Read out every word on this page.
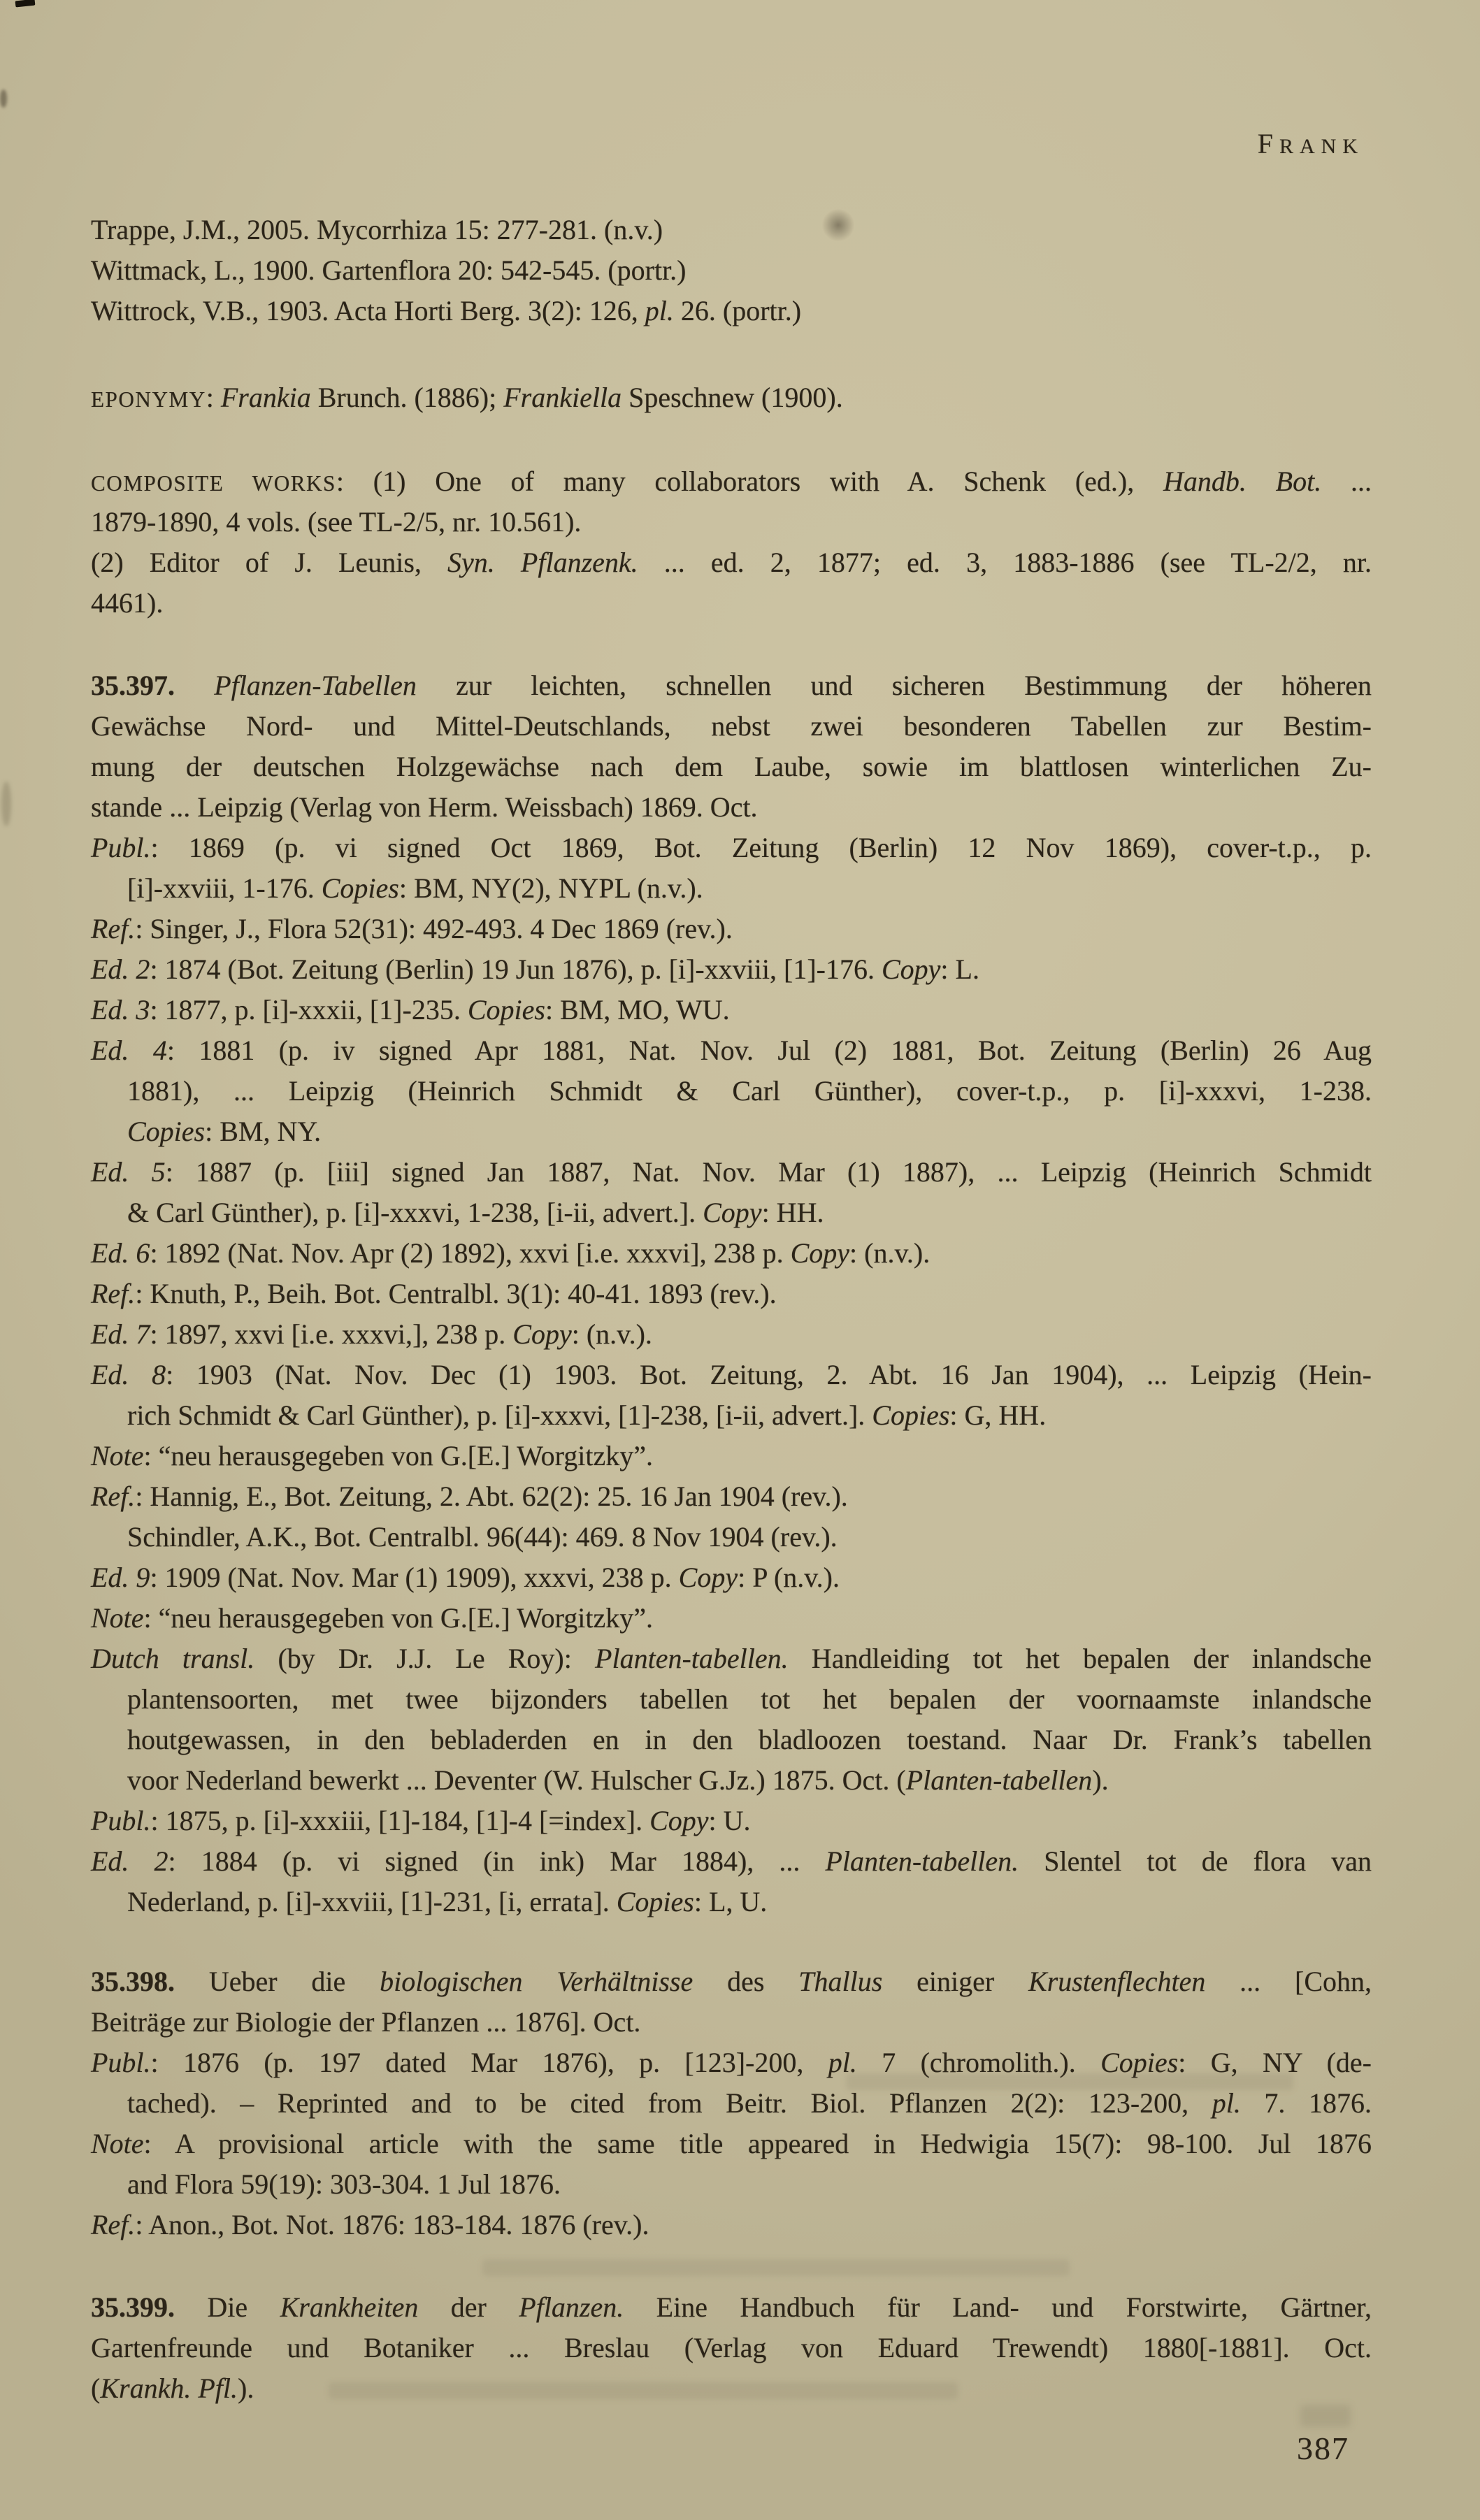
FRANK
Trappe, J.M., 2005. Mycorrhiza 15: 277-281. (n.v.)
Wittmack, L., 1900. Gartenflora 20: 542-545. (portr.)
Wittrock, V.B., 1903. Acta Horti Berg. 3(2): 126, pl. 26. (portr.)
EPONYMY: Frankia Brunch. (1886); Frankiella Speschnew (1900).
COMPOSITE WORKS: (1) One of many collaborators with A. Schenk (ed.), Handb. Bot. ...
1879-1890, 4 vols. (see TL-2/5, nr. 10.561).
(2) Editor of J. Leunis, Syn. Pflanzenk. ... ed. 2, 1877; ed. 3, 1883-1886 (see TL-2/2, nr.
4461).
35.397. Pflanzen-Tabellen zur leichten, schnellen und sicheren Bestimmung der höheren
Gewächse Nord- und Mittel-Deutschlands, nebst zwei besonderen Tabellen zur Bestim-
mung der deutschen Holzgewächse nach dem Laube, sowie im blattlosen winterlichen Zu-
stande ... Leipzig (Verlag von Herm. Weissbach) 1869. Oct.
Publ.: 1869 (p. vi signed Oct 1869, Bot. Zeitung (Berlin) 12 Nov 1869), cover-t.p., p.
[i]-xxviii, 1-176. Copies: BM, NY(2), NYPL (n.v.).
Ref.: Singer, J., Flora 52(31): 492-493. 4 Dec 1869 (rev.).
Ed. 2: 1874 (Bot. Zeitung (Berlin) 19 Jun 1876), p. [i]-xxviii, [1]-176. Copy: L.
Ed. 3: 1877, p. [i]-xxxii, [1]-235. Copies: BM, MO, WU.
Ed. 4: 1881 (p. iv signed Apr 1881, Nat. Nov. Jul (2) 1881, Bot. Zeitung (Berlin) 26 Aug
1881), ... Leipzig (Heinrich Schmidt & Carl Günther), cover-t.p., p. [i]-xxxvi, 1-238.
Copies: BM, NY.
Ed. 5: 1887 (p. [iii] signed Jan 1887, Nat. Nov. Mar (1) 1887), ... Leipzig (Heinrich Schmidt
& Carl Günther), p. [i]-xxxvi, 1-238, [i-ii, advert.]. Copy: HH.
Ed. 6: 1892 (Nat. Nov. Apr (2) 1892), xxvi [i.e. xxxvi], 238 p. Copy: (n.v.).
Ref.: Knuth, P., Beih. Bot. Centralbl. 3(1): 40-41. 1893 (rev.).
Ed. 7: 1897, xxvi [i.e. xxxvi,], 238 p. Copy: (n.v.).
Ed. 8: 1903 (Nat. Nov. Dec (1) 1903. Bot. Zeitung, 2. Abt. 16 Jan 1904), ... Leipzig (Hein-
rich Schmidt & Carl Günther), p. [i]-xxxvi, [1]-238, [i-ii, advert.]. Copies: G, HH.
Note: “neu herausgegeben von G.[E.] Worgitzky”.
Ref.: Hannig, E., Bot. Zeitung, 2. Abt. 62(2): 25. 16 Jan 1904 (rev.).
Schindler, A.K., Bot. Centralbl. 96(44): 469. 8 Nov 1904 (rev.).
Ed. 9: 1909 (Nat. Nov. Mar (1) 1909), xxxvi, 238 p. Copy: P (n.v.).
Note: “neu herausgegeben von G.[E.] Worgitzky”.
Dutch transl. (by Dr. J.J. Le Roy): Planten-tabellen. Handleiding tot het bepalen der inlandsche
plantensoorten, met twee bijzonders tabellen tot het bepalen der voornaamste inlandsche
houtgewassen, in den bebladerden en in den bladloozen toestand. Naar Dr. Frank’s tabellen
voor Nederland bewerkt ... Deventer (W. Hulscher G.Jz.) 1875. Oct. (Planten-tabellen).
Publ.: 1875, p. [i]-xxxiii, [1]-184, [1]-4 [=index]. Copy: U.
Ed. 2: 1884 (p. vi signed (in ink) Mar 1884), ... Planten-tabellen. Slentel tot de flora van
Nederland, p. [i]-xxviii, [1]-231, [i, errata]. Copies: L, U.
35.398. Ueber die biologischen Verhältnisse des Thallus einiger Krustenflechten ... [Cohn,
Beiträge zur Biologie der Pflanzen ... 1876]. Oct.
Publ.: 1876 (p. 197 dated Mar 1876), p. [123]-200, pl. 7 (chromolith.). Copies: G, NY (de-
tached). – Reprinted and to be cited from Beitr. Biol. Pflanzen 2(2): 123-200, pl. 7. 1876.
Note: A provisional article with the same title appeared in Hedwigia 15(7): 98-100. Jul 1876
and Flora 59(19): 303-304. 1 Jul 1876.
Ref.: Anon., Bot. Not. 1876: 183-184. 1876 (rev.).
35.399. Die Krankheiten der Pflanzen. Eine Handbuch für Land- und Forstwirte, Gärtner,
Gartenfreunde und Botaniker ... Breslau (Verlag von Eduard Trewendt) 1880[-1881]. Oct.
(Krankh. Pfl.).
387
